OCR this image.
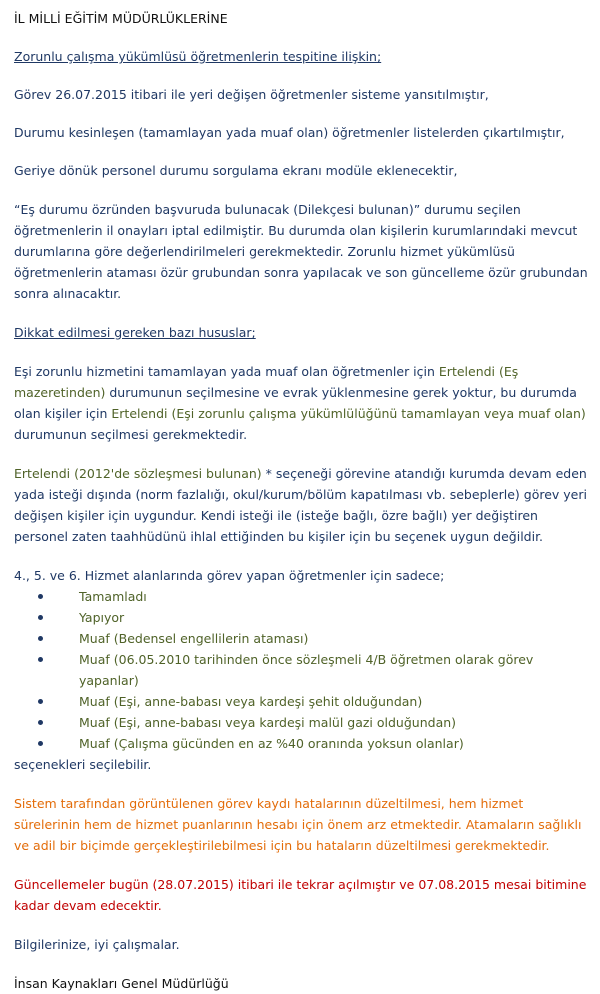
İL MİLLİ EĞİTİM MÜDÜRLÜKLERİNE

Zorunlu çalışma yükümlüsü öğretmenlerin tespitine ilişkin;

Görev 26.07.2015 itibari ile yeri değişen öğretmenler sisteme yansıtılmıştır,

Durumu kesinleşen (tamamlayan yada muaf olan) öğretmenler listelerden çıkartılmıştır,

Geriye dönük personel durumu sorgulama ekranı modüle eklenecektir,

“Eş durumu özründen başvuruda bulunacak (Dilekçesi bulunan)” durumu seçilen öğretmenlerin il onayları iptal edilmiştir. Bu durumda olan kişilerin kurumlarındaki mevcut durumlarına göre değerlendirilmeleri gerekmektedir. Zorunlu hizmet yükümlüsü öğretmenlerin ataması özür grubundan sonra yapılacak ve son güncelleme özür grubundan sonra alınacaktır.

Dikkat edilmesi gereken bazı hususlar;

Eşi zorunlu hizmetini tamamlayan yada muaf olan öğretmenler için Ertelendi (Eş mazeretinden) durumunun seçilmesine ve evrak yüklenmesine gerek yoktur, bu durumda olan kişiler için Ertelendi (Eşi zorunlu çalışma yükümlülüğünü tamamlayan veya muaf olan) durumunun seçilmesi gerekmektedir.

Ertelendi (2012'de sözleşmesi bulunan) * seçeneği görevine atandığı kurumda devam eden yada isteği dışında (norm fazlalığı, okul/kurum/bölüm kapatılması vb. sebeplerle) görev yeri değişen kişiler için uygundur. Kendi isteği ile (isteğe bağlı, özre bağlı) yer değiştiren personel zaten taahhüdünü ihlal ettiğinden bu kişiler için bu seçenek uygun değildir.

4., 5. ve 6. Hizmet alanlarında görev yapan öğretmenler için sadece;

Tamamladı
Yapıyor
Muaf (Bedensel engellilerin ataması)
Muaf (06.05.2010 tarihinden önce sözleşmeli 4/B öğretmen olarak görev yapanlar)
Muaf (Eşi, anne-babası veya kardeşi şehit olduğundan)
Muaf (Eşi, anne-babası veya kardeşi malül gazi olduğundan)
Muaf (Çalışma gücünden en az %40 oranında yoksun olanlar)

seçenekleri seçilebilir.

Sistem tarafından görüntülenen görev kaydı hatalarının düzeltilmesi, hem hizmet sürelerinin hem de hizmet puanlarının hesabı için önem arz etmektedir. Atamaların sağlıklı ve adil bir biçimde gerçekleştirilebilmesi için bu hataların düzeltilmesi gerekmektedir.

Güncellemeler bugün (28.07.2015) itibari ile tekrar açılmıştır ve 07.08.2015 mesai bitimine kadar devam edecektir.

Bilgilerinize, iyi çalışmalar.

İnsan Kaynakları Genel Müdürlüğü
